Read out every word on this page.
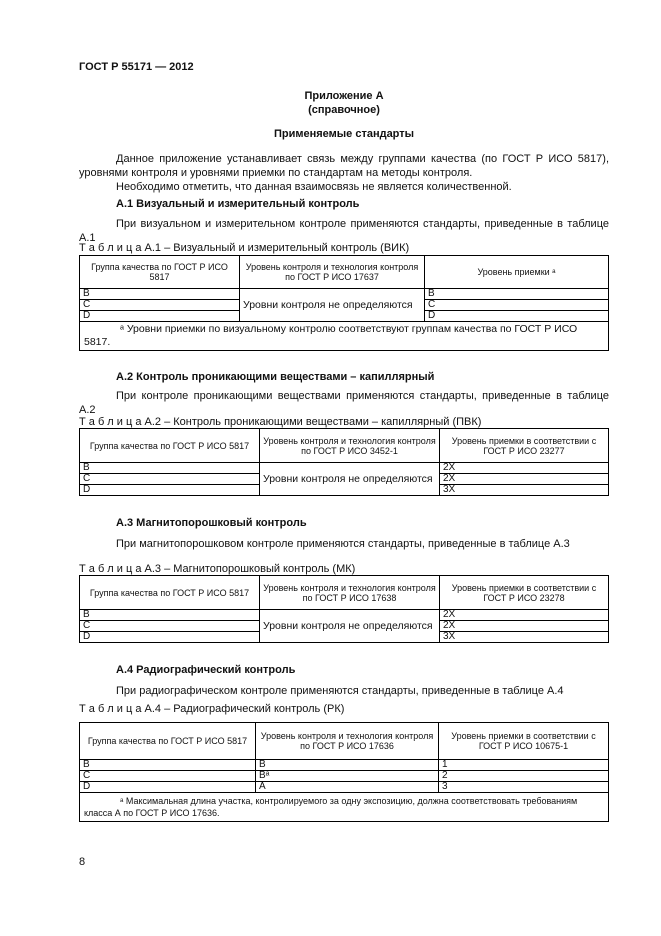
ГОСТ Р 55171 — 2012
Приложение А
(справочное)
Применяемые стандарты
Данное приложение устанавливает связь между группами качества (по ГОСТ Р ИСО 5817), уровнями контроля и уровнями приемки по стандартам на методы контроля.
Необходимо отметить, что данная взаимосвязь не является количественной.
А.1 Визуальный и измерительный контроль
При визуальном и измерительном контроле применяются стандарты, приведенные в таблице А.1
Т а б л и ц а А.1 – Визуальный и измерительный контроль (ВИК)
Группа качества по ГОСТ Р ИСО 5817	Уровень контроля и технология контроля по ГОСТ Р ИСО 17637	Уровень приемки ᵃ
B	Уровни контроля не определяются	B
C		C
D		D
ᵃ Уровни приемки по визуальному контролю соответствуют группам качества по ГОСТ Р ИСО 5817.		
А.2 Контроль проникающими веществами – капиллярный
При контроле проникающими веществами применяются стандарты, приведенные в таблице А.2
Т а б л и ц а А.2 – Контроль проникающими веществами – капиллярный (ПВК)
Группа качества по ГОСТ Р ИСО 5817	Уровень контроля и технология контроля по ГОСТ Р ИСО 3452-1	Уровень приемки в соответствии с ГОСТ Р ИСО 23277
B	Уровни контроля не определяются	2X
C		2X
D		3X
А.3 Магнитопорошковый контроль
При магнитопорошковом контроле применяются стандарты, приведенные в таблице А.3
Т а б л и ц а А.3 – Магнитопорошковый контроль (МК)
Группа качества по ГОСТ Р ИСО 5817	Уровень контроля и технология контроля по ГОСТ Р ИСО 17638	Уровень приемки в соответствии с ГОСТ Р ИСО 23278
B	Уровни контроля не определяются	2X
C		2X
D		3X
А.4 Радиографический контроль
При радиографическом контроле применяются стандарты, приведенные в таблице А.4
Т а б л и ц а А.4 – Радиографический контроль (РК)
Группа качества по ГОСТ Р ИСО 5817	Уровень контроля и технология контроля по ГОСТ Р ИСО 17636	Уровень приемки в соответствии с ГОСТ Р ИСО 10675-1
B	B	1
C	Bᵃ	2
D	A	3
ᵃ Максимальная длина участка, контролируемого за одну экспозицию, должна соответствовать требованиям класса А по ГОСТ Р ИСО 17636.		
8
